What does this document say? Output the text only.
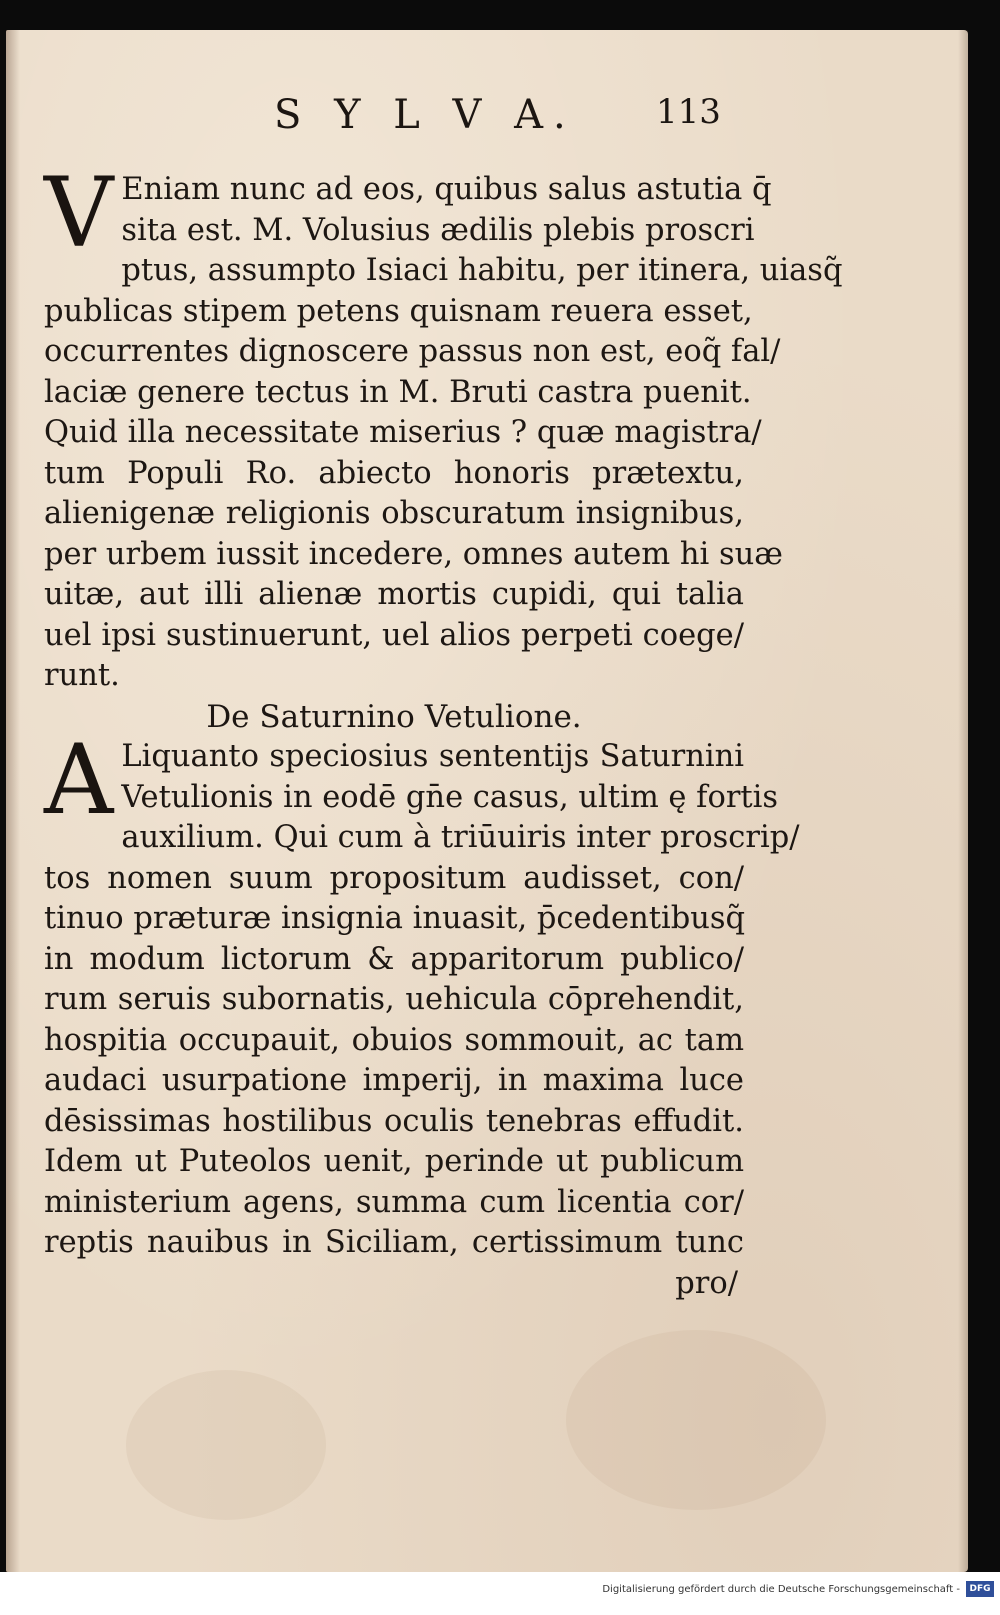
S Y L V A. 113
V Eniam nunc ad eos, quibus salus astutia q̄
sita est. M. Volusius ædilis plebis proscri
ptus, assumpto Isiaci habitu, per itinera, uiasq̃
publicas stipem petens quisnam reuera esset,
occurrentes dignoscere passus non est, eoq̃ fal/
laciæ genere tectus in M. Bruti castra puenit.
Quid illa necessitate miserius ? quæ magistra/
tum Populi Ro. abiecto honoris prætextu,
alienigenæ religionis obscuratum insignibus,
per urbem iussit incedere, omnes autem hi suæ
uitæ, aut illi alienæ mortis cupidi, qui talia
uel ipsi sustinuerunt, uel alios perpeti coege/
runt.
De Saturnino Vetulione.
A Liquanto speciosius sententijs Saturnini
Vetulionis in eodē gn̄e casus, ultim ę fortis
auxilium. Qui cum à triūuiris inter proscrip/
tos nomen suum propositum audisset, con/
tinuo præturæ insignia inuasit, p̄cedentibusq̃
in modum lictorum & apparitorum publico/
rum seruis subornatis, uehicula cōprehendit,
hospitia occupauit, obuios sommouit, ac tam
audaci usurpatione imperij, in maxima luce
dēsissimas hostilibus oculis tenebras effudit.
Idem ut Puteolos uenit, perinde ut publicum
ministerium agens, summa cum licentia cor/
reptis nauibus in Siciliam, certissimum tunc
pro/
Digitalisierung gefördert durch die Deutsche Forschungsgemeinschaft -	DFG
